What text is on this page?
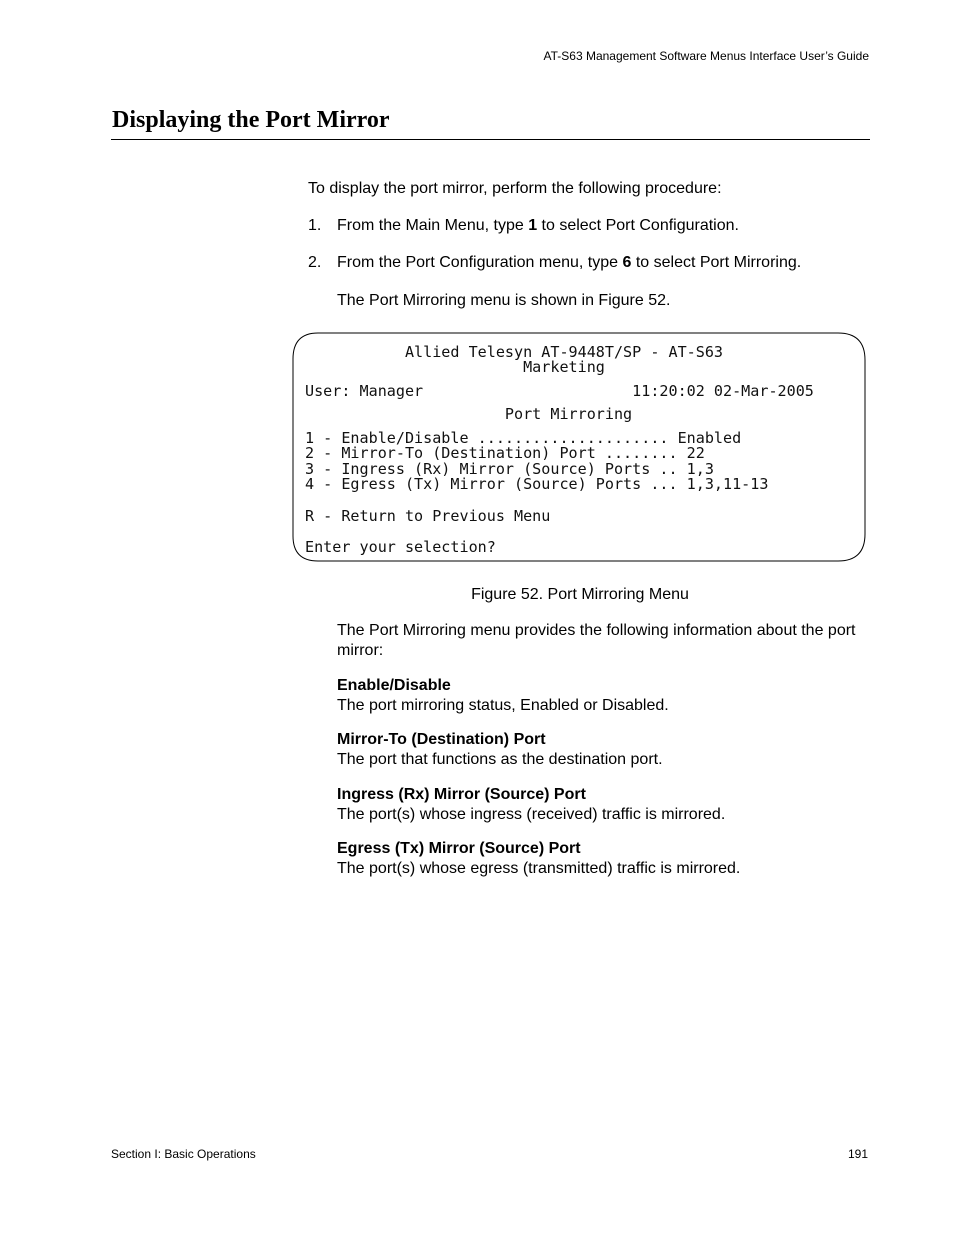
AT-S63 Management Software Menus Interface User’s Guide
Displaying the Port Mirror

To display the port mirror, perform the following procedure:

1. From the Main Menu, type 1 to select Port Configuration.

2. From the Port Configuration menu, type 6 to select Port Mirroring.

The Port Mirroring menu is shown in Figure 52.

Allied Telesyn AT-9448T/SP - AT-S63
Marketing
User: Manager                       11:20:02 02-Mar-2005
Port Mirroring
1 - Enable/Disable ..................... Enabled
2 - Mirror-To (Destination) Port ........ 22
3 - Ingress (Rx) Mirror (Source) Ports .. 1,3
4 - Egress (Tx) Mirror (Source) Ports ... 1,3,11-13
R - Return to Previous Menu
Enter your selection?
Figure 52. Port Mirroring Menu

The Port Mirroring menu provides the following information about the port mirror:

Enable/Disable
The port mirroring status, Enabled or Disabled.

Mirror-To (Destination) Port
The port that functions as the destination port.

Ingress (Rx) Mirror (Source) Port
The port(s) whose ingress (received) traffic is mirrored.

Egress (Tx) Mirror (Source) Port
The port(s) whose egress (transmitted) traffic is mirrored.

Section I: Basic Operations	191
